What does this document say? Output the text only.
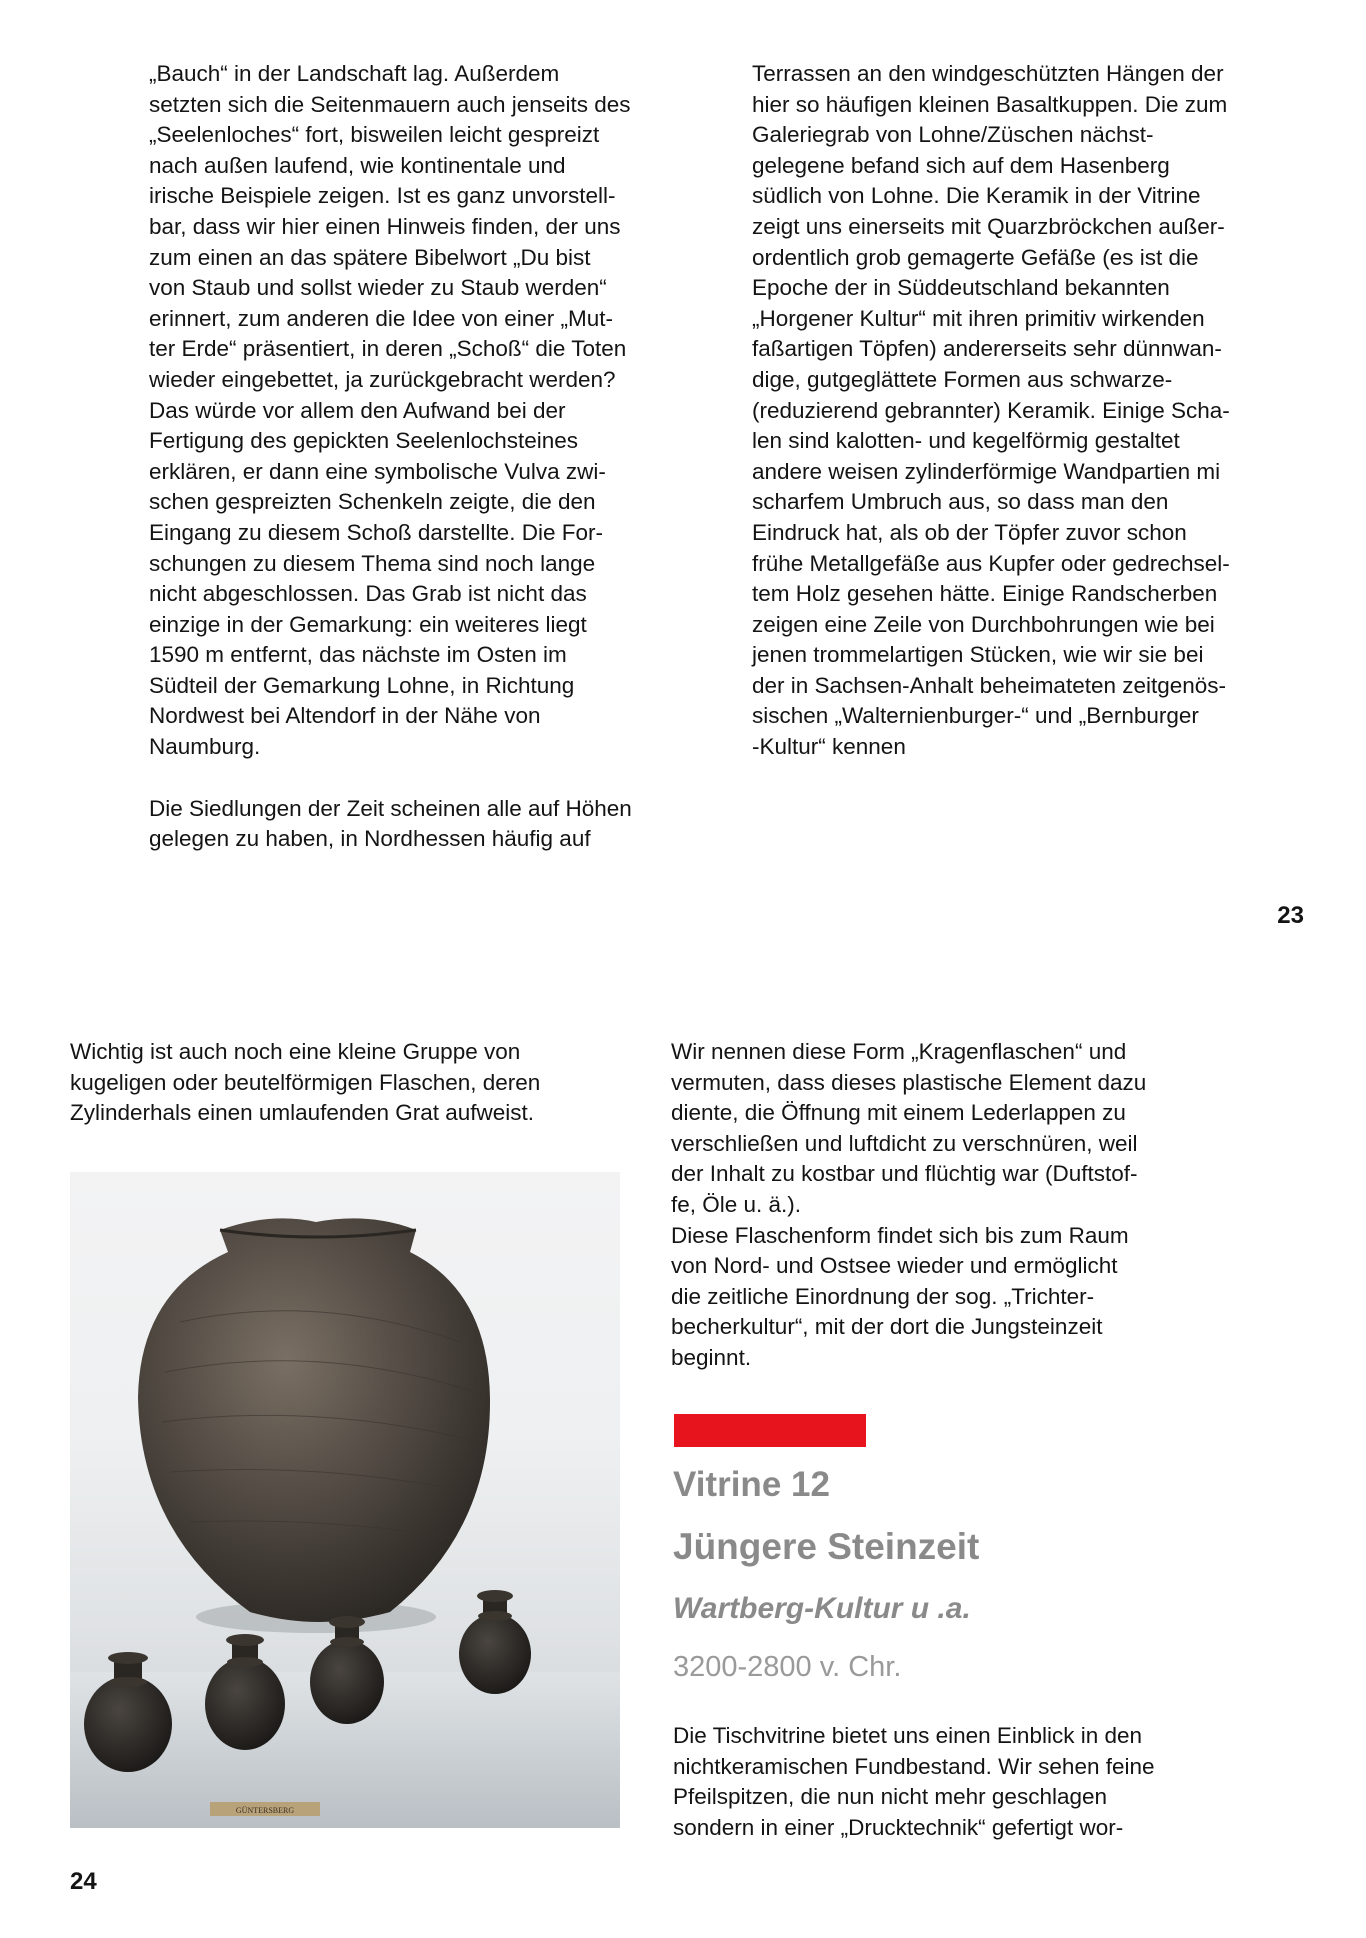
„Bauch“ in der Landschaft lag. Außerdem
setzten sich die Seitenmauern auch jenseits des
„Seelenloches“ fort, bisweilen leicht gespreizt
nach außen laufend, wie kontinentale und
irische Beispiele zeigen. Ist es ganz unvorstell-
bar, dass wir hier einen Hinweis finden, der uns
zum einen an das spätere Bibelwort „Du bist
von Staub und sollst wieder zu Staub werden“
erinnert, zum anderen die Idee von einer „Mut-
ter Erde“ präsentiert, in deren „Schoß“ die Toten
wieder eingebettet, ja zurückgebracht werden?
Das würde vor allem den Aufwand bei der
Fertigung des gepickten Seelenlochsteines
erklären, er dann eine symbolische Vulva zwi-
schen gespreizten Schenkeln zeigte, die den
Eingang zu diesem Schoß darstellte. Die For-
schungen zu diesem Thema sind noch lange
nicht abgeschlossen. Das Grab ist nicht das
einzige in der Gemarkung: ein weiteres liegt
1590 m entfernt, das nächste im Osten im
Südteil der Gemarkung Lohne, in Richtung
Nordwest bei Altendorf in der Nähe von
Naumburg.

Die Siedlungen der Zeit scheinen alle auf Höhen
gelegen zu haben, in Nordhessen häufig auf

Terrassen an den windgeschützten Hängen der
hier so häufigen kleinen Basaltkuppen. Die zum
Galeriegrab von Lohne/Züschen nächst-
gelegene befand sich auf dem Hasenberg
südlich von Lohne. Die Keramik in der Vitrine
zeigt uns einerseits mit Quarzbröckchen außer-
ordentlich grob gemagerte Gefäße (es ist die
Epoche der in Süddeutschland bekannten
„Horgener Kultur“ mit ihren primitiv wirkenden
faßartigen Töpfen) andererseits sehr dünnwan-
dige, gutgeglättete Formen aus schwarze-
(reduzierend gebrannter) Keramik. Einige Scha-
len sind kalotten- und kegelförmig gestaltet
andere weisen zylinderförmige Wandpartien mi
scharfem Umbruch aus, so dass man den
Eindruck hat, als ob der Töpfer zuvor schon
frühe Metallgefäße aus Kupfer oder gedrechsel-
tem Holz gesehen hätte. Einige Randscherben
zeigen eine Zeile von Durchbohrungen wie bei
jenen trommelartigen Stücken, wie wir sie bei
der in Sachsen-Anhalt beheimateten zeitgenös-
sischen „Walternienburger-“ und „Bernburger
-Kultur“ kennen

23

Wichtig ist auch noch eine kleine Gruppe von
kugeligen oder beutelförmigen Flaschen, deren
Zylinderhals einen umlaufenden Grat aufweist.

GÜNTERSBERG

Wir nennen diese Form „Kragenflaschen“ und
vermuten, dass dieses plastische Element dazu
diente, die Öffnung mit einem Lederlappen zu
verschließen und luftdicht zu verschnüren, weil
der Inhalt zu kostbar und flüchtig war (Duftstof-
fe, Öle u. ä.).
Diese Flaschenform findet sich bis zum Raum
von Nord- und Ostsee wieder und ermöglicht
die zeitliche Einordnung der sog. „Trichter-
becherkultur“, mit der dort die Jungsteinzeit
beginnt.

Vitrine 12
Jüngere Steinzeit
Wartberg-Kultur u .a.
3200-2800 v. Chr.

Die Tischvitrine bietet uns einen Einblick in den
nichtkeramischen Fundbestand. Wir sehen feine
Pfeilspitzen, die nun nicht mehr geschlagen
sondern in einer „Drucktechnik“ gefertigt wor-

24
